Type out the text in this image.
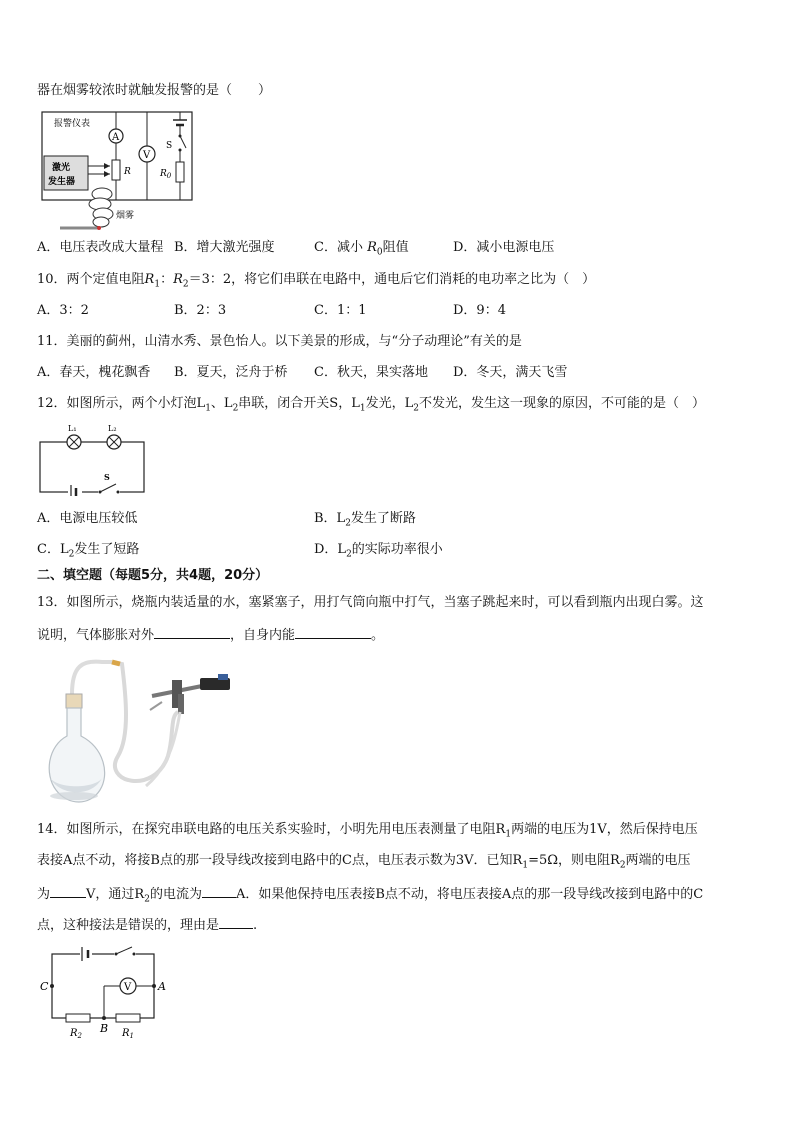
器在烟雾较浓时就触发报警的是（　　）
报警仪表
A
V
R
S
$R_0$
激光
发生器
烟雾
A．电压表改成大量程 B．增大激光强度	C．减小 $R_0$阻值	D．减小电源电压
10．两个定值电阻$R_1$：$R_2=3$：2，将它们串联在电路中，通电后它们消耗的电功率之比为（　）
A．3：2	B．2：3	C．1：1	D．9：4
11．美丽的蓟州，山清水秀、景色怡人。以下美景的形成，与“分子动理论”有关的是
A．春天，槐花飘香 B．夏天，泛舟于桥 C．秋天，果实落地 D．冬天，满天飞雪
12．如图所示，两个小灯泡$L_1$、$L_2$串联，闭合开关S，$L_1$发光，$L_2$不发光，发生这一现象的原因，不可能的是（　）
L₁	L₂
S
A．电源电压较低	B．$L_2$发生了断路
C．$L_2$发生了短路	D．$L_2$的实际功率很小
二、填空题（每题5分，共4题，20分）
13．如图所示，烧瓶内装适量的水，塞紧塞子，用打气筒向瓶中打气，当塞子跳起来时，可以看到瓶内出现白雾。这
说明，气体膨胀对外	，自身内能	。
14．如图所示，在探究串联电路的电压关系实验时，小明先用电压表测量了电阻$R_1$两端的电压为1V，然后保持电压
表接A点不动，将接B点的那一段导线改接到电路中的C点，电压表示数为3V．已知$R_1=5\Omega$，则电阻$R_2$两端的电压
为	V，通过$R_2$的电流为	A．如果他保持电压表接B点不动，将电压表接A点的那一段导线改接到电路中的C
点，这种接法是错误的，理由是	.
C	A
V
B
$R_2$	$R_1$
